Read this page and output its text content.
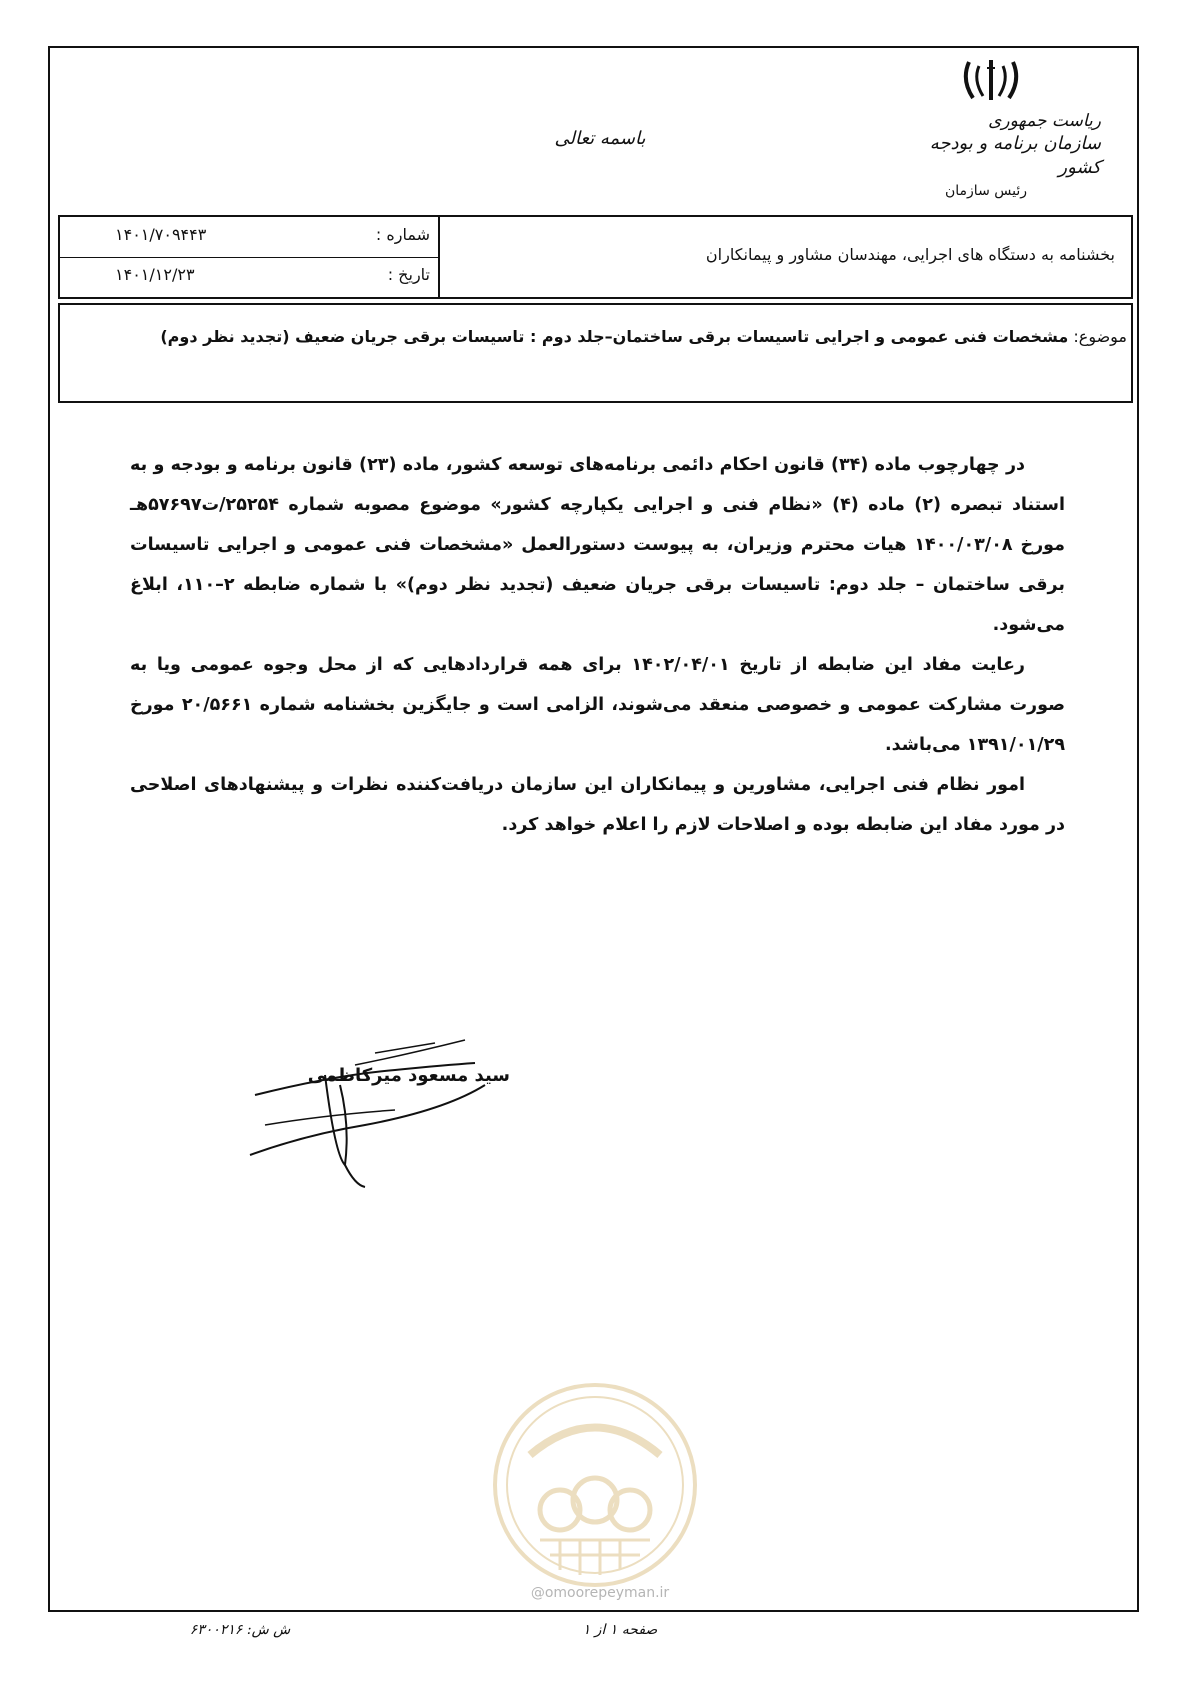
ریاست جمهوری
سازمان برنامه و بودجه کشور
رئیس سازمان
باسمه تعالی
شماره :
۱۴۰۱/۷۰۹۴۴۳
تاریخ :
۱۴۰۱/۱۲/۲۳
بخشنامه به دستگاه های اجرایی، مهندسان مشاور و پیمانکاران
موضوع: مشخصات فنی عمومی و اجرایی تاسیسات برقی ساختمان–جلد دوم : تاسیسات برقی جریان ضعیف (تجدید نظر دوم)

در چهارچوب ماده (۳۴) قانون احکام دائمی برنامه‌های توسعه کشور، ماده (۲۳) قانون برنامه و بودجه و به استناد تبصره (۲) ماده (۴) «نظام فنی و اجرایی یکپارچه کشور» موضوع مصوبه شماره ۲۵۲۵۴/ت۵۷۶۹۷هـ مورخ ۱۴۰۰/۰۳/۰۸ هیات محترم وزیران، به پیوست دستورالعمل «مشخصات فنی عمومی و اجرایی تاسیسات برقی ساختمان – جلد دوم: تاسیسات برقی جریان ضعیف (تجدید نظر دوم)» با شماره ضابطه ۲–۱۱۰، ابلاغ می‌شود.

رعایت مفاد این ضابطه از تاریخ ۱۴۰۲/۰۴/۰۱ برای همه قراردادهایی که از محل وجوه عمومی ویا به صورت مشارکت عمومی و خصوصی منعقد می‌شوند، الزامی است و جایگزین بخشنامه شماره ۲۰/۵۶۶۱ مورخ ۱۳۹۱/۰۱/۲۹ می‌باشد.

امور نظام فنی اجرایی، مشاورین و پیمانکاران این سازمان دریافت‌کننده نظرات و پیشنهادهای اصلاحی در مورد مفاد این ضابطه بوده و اصلاحات لازم را اعلام خواهد کرد.

سید مسعود میرکاظمی
@omoorepeyman.ir
ش ش: ۶۳۰۰۲۱۶	صفحه ۱ از ۱
